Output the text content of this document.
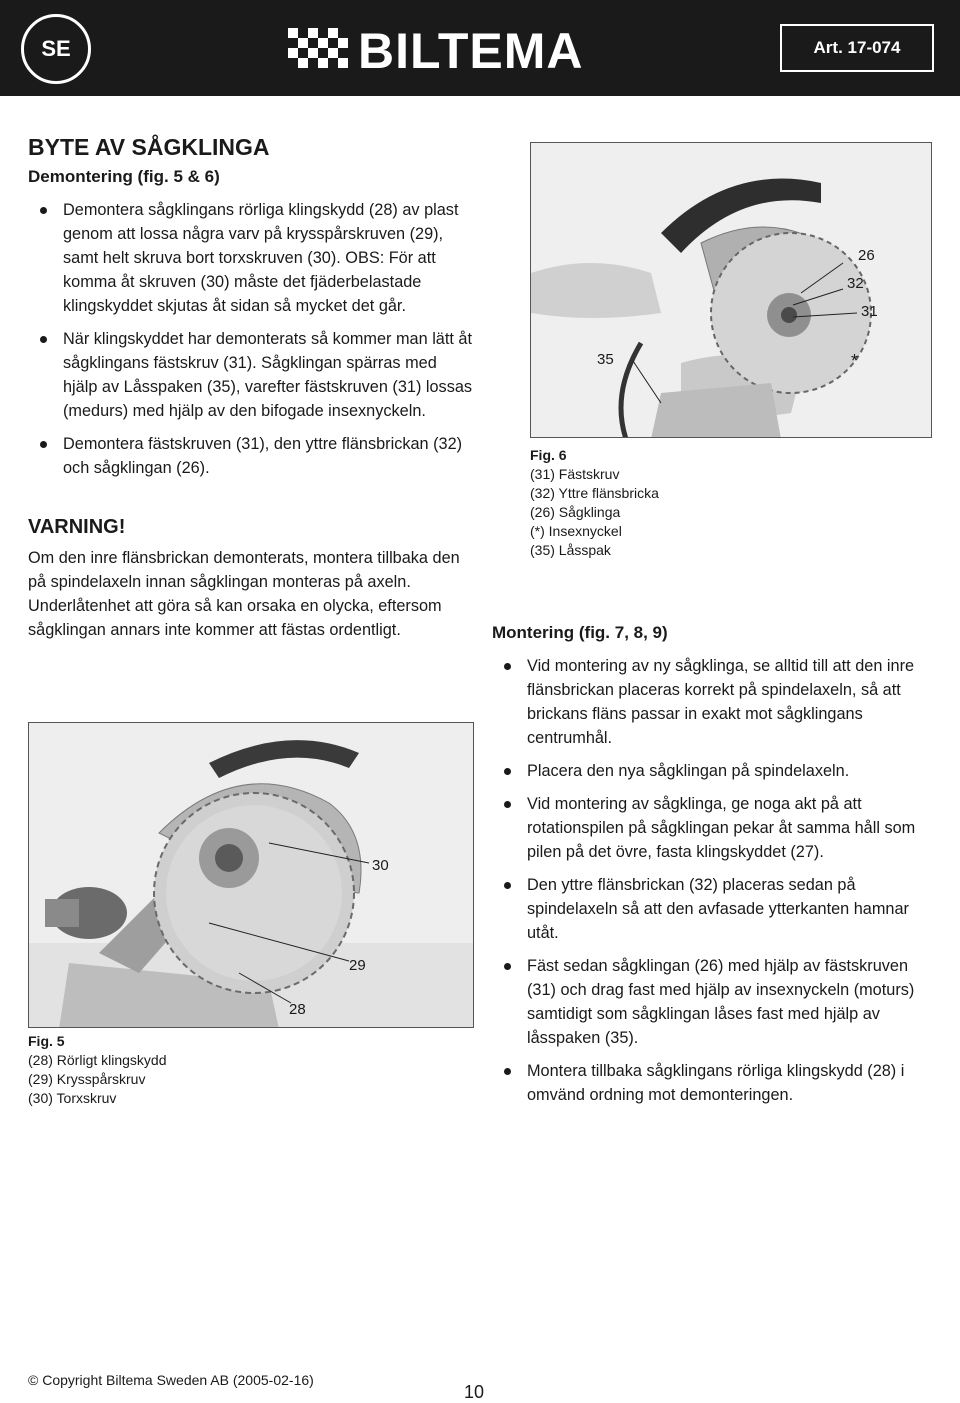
SE	BILTEMA	Art. 17-074
BYTE AV SÅGKLINGA
Demontering (fig. 5 & 6)
Demontera sågklingans rörliga klingskydd (28) av plast genom att lossa några varv på krysspårskruven (29), samt helt skruva bort torxskruven (30). OBS: För att komma åt skruven (30) måste det fjäderbelastade klingskyddet skjutas åt sidan så mycket det går.
När klingskyddet har demonterats så kommer man lätt åt sågklingans fästskruv (31). Sågklingan spärras med hjälp av Låsspaken (35), varefter fästskruven (31) lossas (medurs) med hjälp av den bifogade insexnyckeln.
Demontera fästskruven (31), den yttre flänsbrickan (32) och sågklingan (26).
VARNING!

Om den inre flänsbrickan demonterats, montera tillbaka den på spindelaxeln innan sågklingan monteras på axeln. Underlåtenhet att göra så kan orsaka en olycka, eftersom sågklingan annars inte kommer att fästas ordentligt.

30
29
28
Fig. 5
(28) Rörligt klingskydd
(29) Krysspårskruv
(30) Torxskruv
26
32
31
35	*
Fig. 6
(31) Fästskruv
(32) Yttre flänsbricka
(26) Sågklinga
(*) Insexnyckel
(35) Låsspak
Montering (fig. 7, 8, 9)
Vid montering av ny sågklinga, se alltid till att den inre flänsbrickan placeras korrekt på spindelaxeln, så att brickans fläns passar in exakt mot sågklingans centrumhål.
Placera den nya sågklingan på spindelaxeln.
Vid montering av sågklinga, ge noga akt på att rotationspilen på sågklingan pekar åt samma håll som pilen på det övre, fasta klingskyddet (27).
Den yttre flänsbrickan (32) placeras sedan på spindelaxeln så att den avfasade ytterkanten hamnar utåt.
Fäst sedan sågklingan (26) med hjälp av fästskruven (31) och drag fast med hjälp av insexnyckeln (moturs) samtidigt som sågklingan låses fast med hjälp av låsspaken (35).
Montera tillbaka sågklingans rörliga klingskydd (28) i omvänd ordning mot demonteringen.
© Copyright Biltema Sweden AB (2005-02-16)
10
